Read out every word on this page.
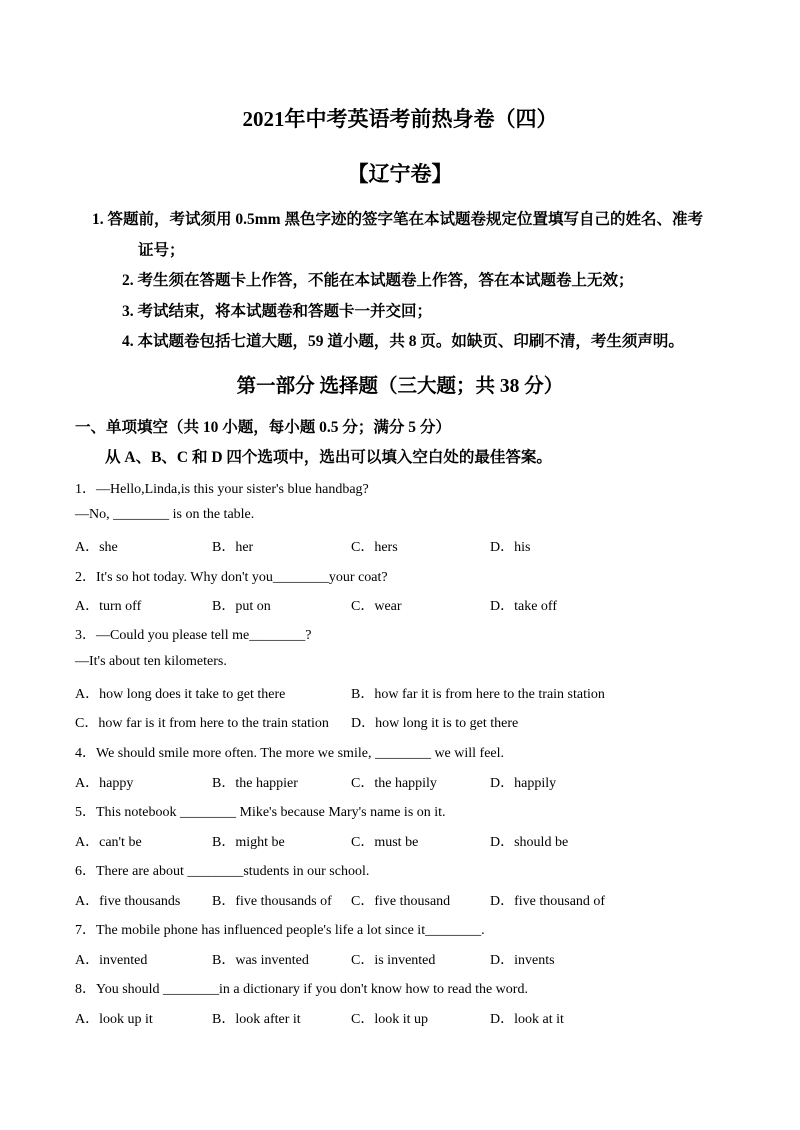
2021年中考英语考前热身卷（四）
【辽宁卷】
1. 答题前，考试须用 0.5mm 黑色字迹的签字笔在本试题卷规定位置填写自己的姓名、准考
证号；
2. 考生须在答题卡上作答，不能在本试题卷上作答，答在本试题卷上无效；
3. 考试结束，将本试题卷和答题卡一并交回；
4. 本试题卷包括七道大题，59 道小题，共 8 页。如缺页、印刷不清，考生须声明。
第一部分 选择题（三大题；共 38 分）
一、单项填空（共 10 小题，每小题 0.5 分；满分 5 分）
从 A、B、C 和 D 四个选项中，选出可以填入空白处的最佳答案。
1．—Hello,Linda,is this your sister's blue handbag?
—No, ________ is on the table.
A．she	B．her	C．hers	D．his
2．It's so hot today. Why don't you________your coat?
A．turn off	B．put on	C．wear	D．take off
3．—Could you please tell me________?
—It's about ten kilometers.
A．how long does it take to get there	B．how far it is from here to the train station
C．how far is it from here to the train station D．how long it is to get there
4．We should smile more often. The more we smile, ________ we will feel.
A．happy	B．the happier	C．the happily	D．happily
5．This notebook ________ Mike's because Mary's name is on it.
A．can't be	B．might be	C．must be	D．should be
6．There are about ________students in our school.
A．five thousands B．five thousands of C．five thousand	D．five thousand of
7．The mobile phone has influenced people's life a lot since it________.
A．invented	B．was invented	C．is invented	D．invents
8．You should ________in a dictionary if you don't know how to read the word.
A．look up it	B．look after it	C．look it up	D．look at it
